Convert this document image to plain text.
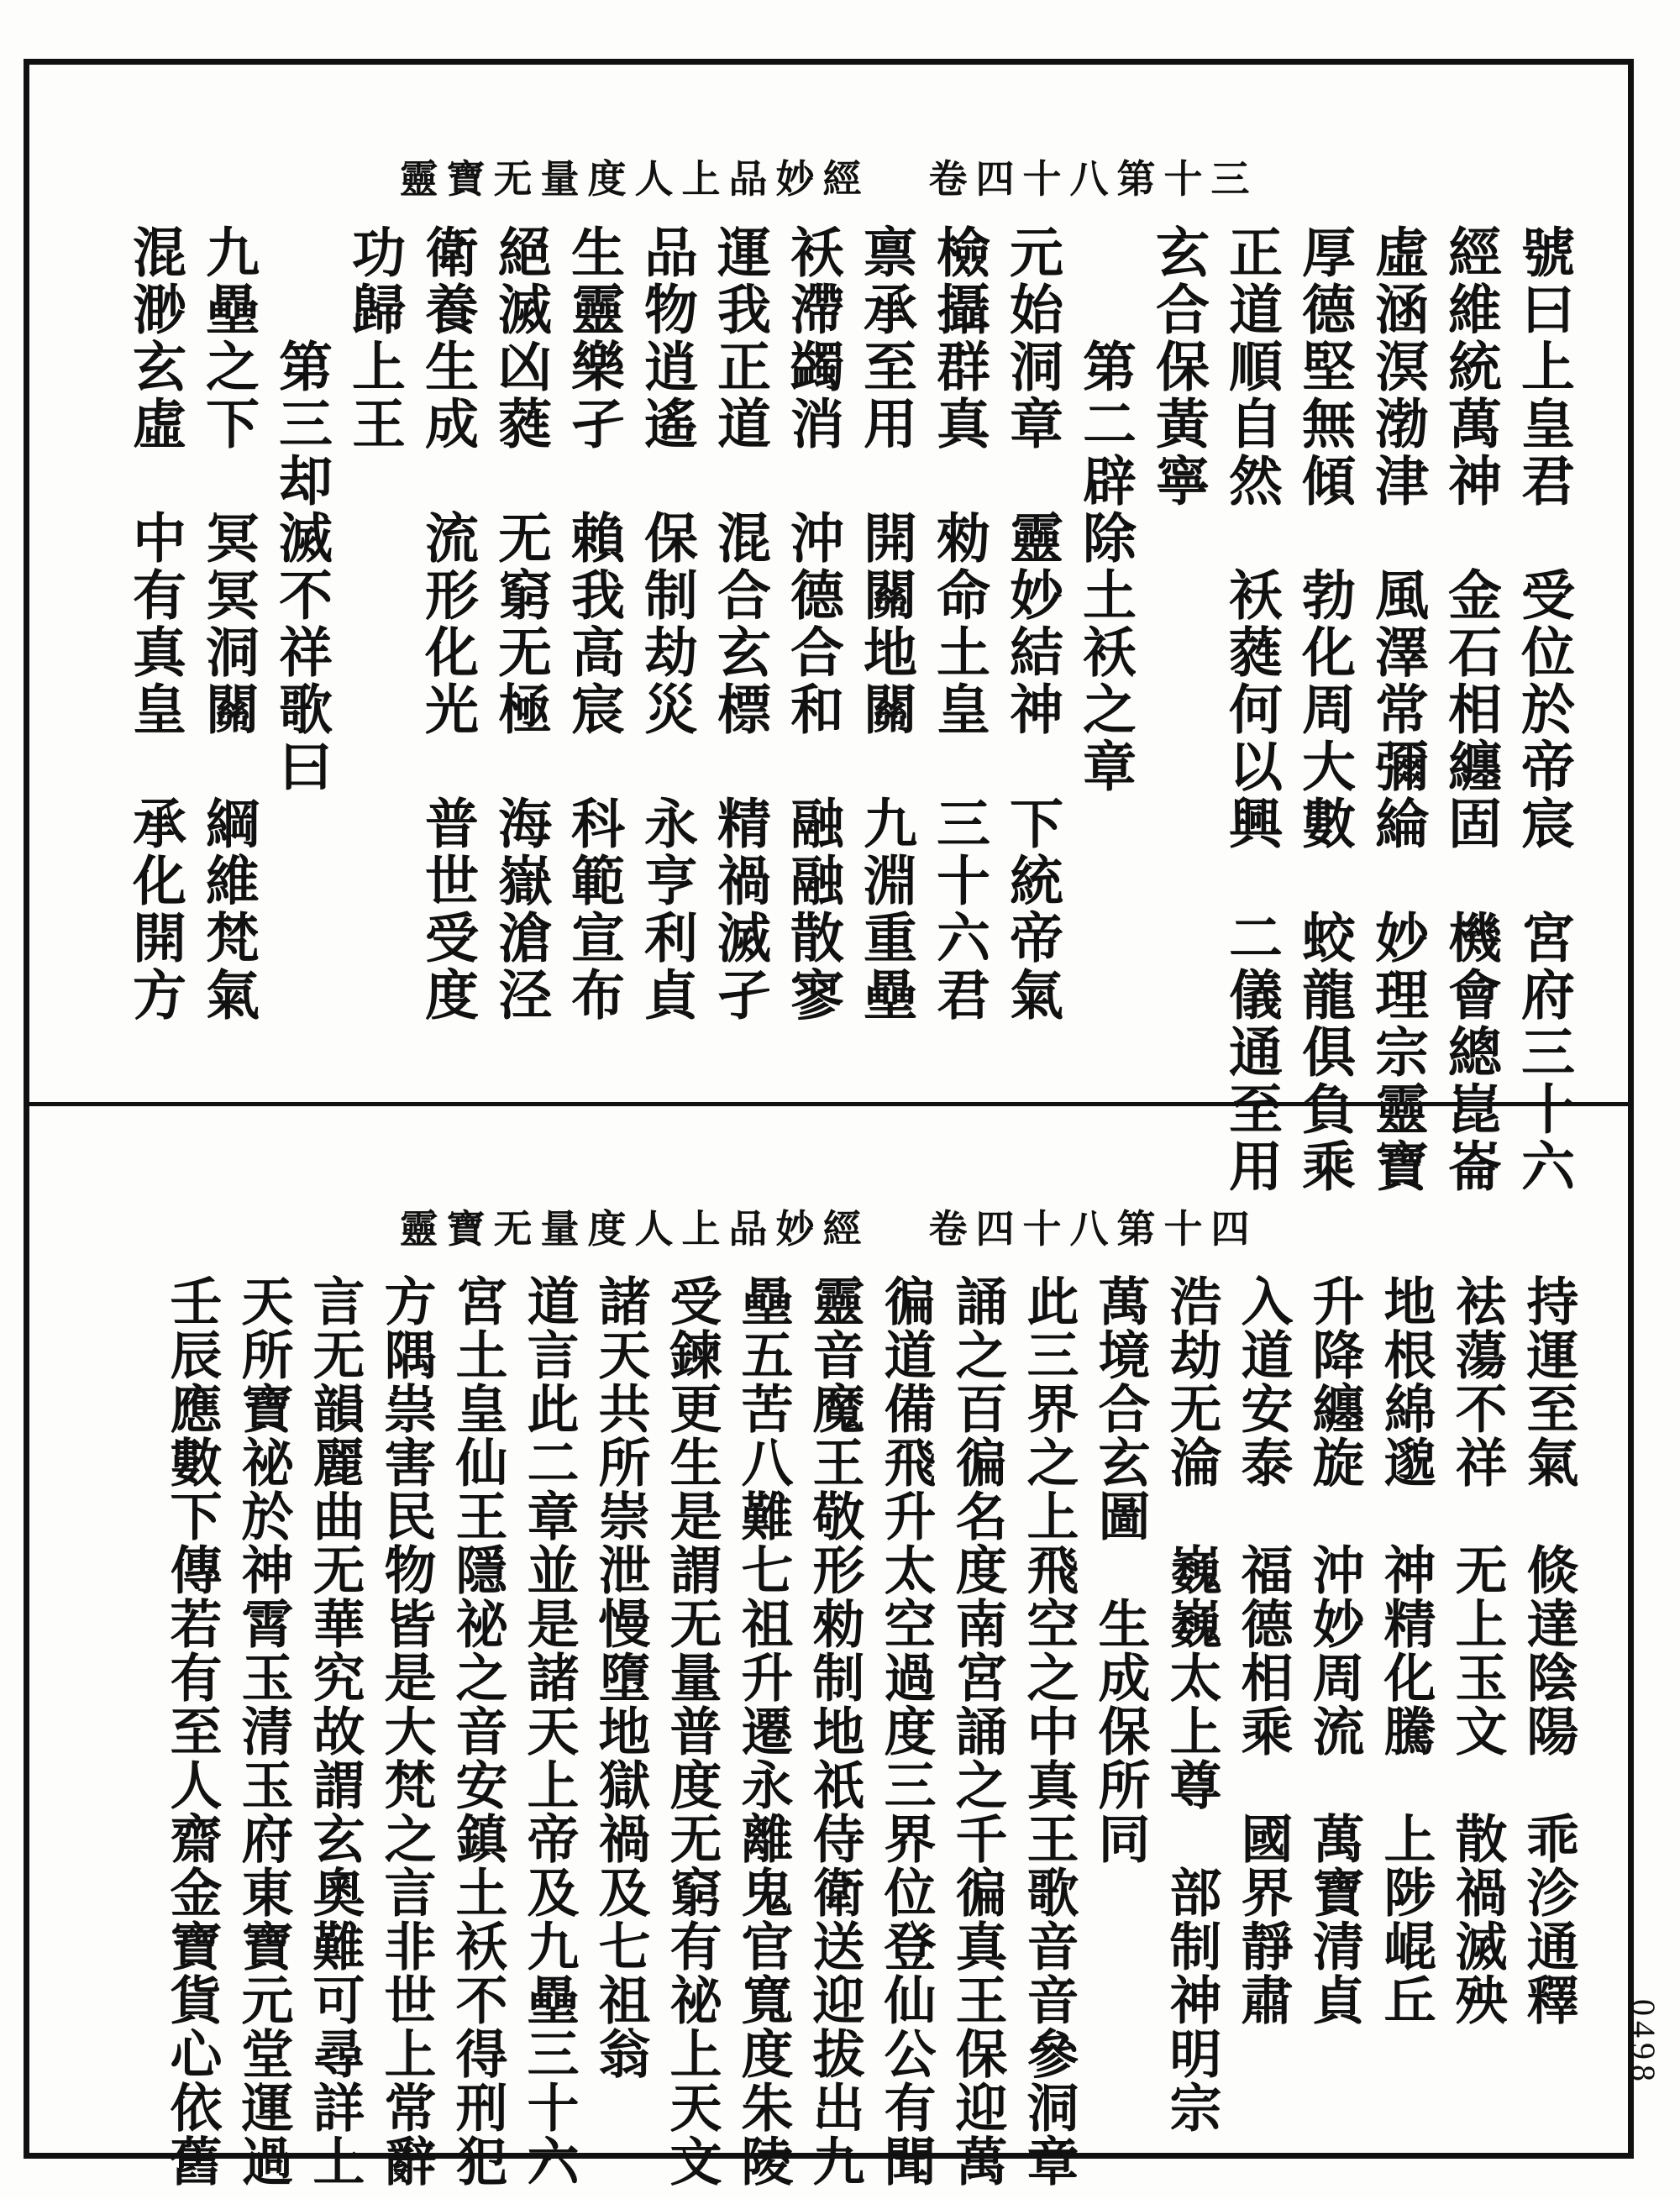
靈寶无量度人上品妙經 卷四十八第十三
號曰上皇君　受位於帝宸　宮府三十六
經維統萬神　金石相纏固　機會總崑崙
虛涵溟渤津　風澤常彌綸　妙理宗靈寶
厚德堅無傾　勃化周大數　蛟龍俱負乘
正道順自然　袄蕤何以興　二儀通至用
玄合保黃寧
　　第二辟除土袄之章
元始洞章　靈妙結神　下統帝氣
檢攝群真　勑命土皇　三十六君
禀承至用　開關地關　九淵重壘
袄滯蠲消　沖德合和　融融散寥
運我正道　混合玄標　精禍滅孑
品物逍遙　保制劫災　永亨利貞
生靈樂孑　賴我高宸　科範宣布
絕滅凶蕤　无窮无極　海嶽滄泾
衛養生成　流形化光　普世受度
功歸上王
　　第三却滅不祥歌曰
九壘之下　冥冥洞關　綱維梵氣
混渺玄虛　中有真皇　承化開方
靈寶无量度人上品妙經 卷四十八第十四
持運至氣　倐達陰陽　乖沴通釋
袪蕩不祥　无上玉文　散禍滅殃
地根綿邈　神精化騰　上陟崐丘
升降纏旋　沖妙周流　萬寶清貞
入道安泰　福德相乘　國界靜肅
浩劫无淪　巍巍太上尊　部制神明宗
萬境合玄圖　生成保所同
此三界之上飛空之中真王歌音音參洞章
誦之百徧名度南宮誦之千徧真王保迎萬
徧道備飛升太空過度三界位登仙公有聞
靈音魔王敬形勑制地祇侍衛送迎拔出九
壘五苦八難七祖升遷永離鬼官寬度朱陵
受鍊更生是謂无量普度无窮有祕上天文
諸天共所崇泄慢墮地獄禍及七祖翁
道言此二章並是諸天上帝及九壘三十六
宮土皇仙王隱祕之音安鎮土袄不得刑犯
方隅祟害民物皆是大梵之言非世上常辭
言无韻麗曲无華究故謂玄奧難可尋詳上
天所寶祕於神霄玉清玉府東寶元堂運過
壬辰應數下傳若有至人齋金寶貨心依舊	0498
